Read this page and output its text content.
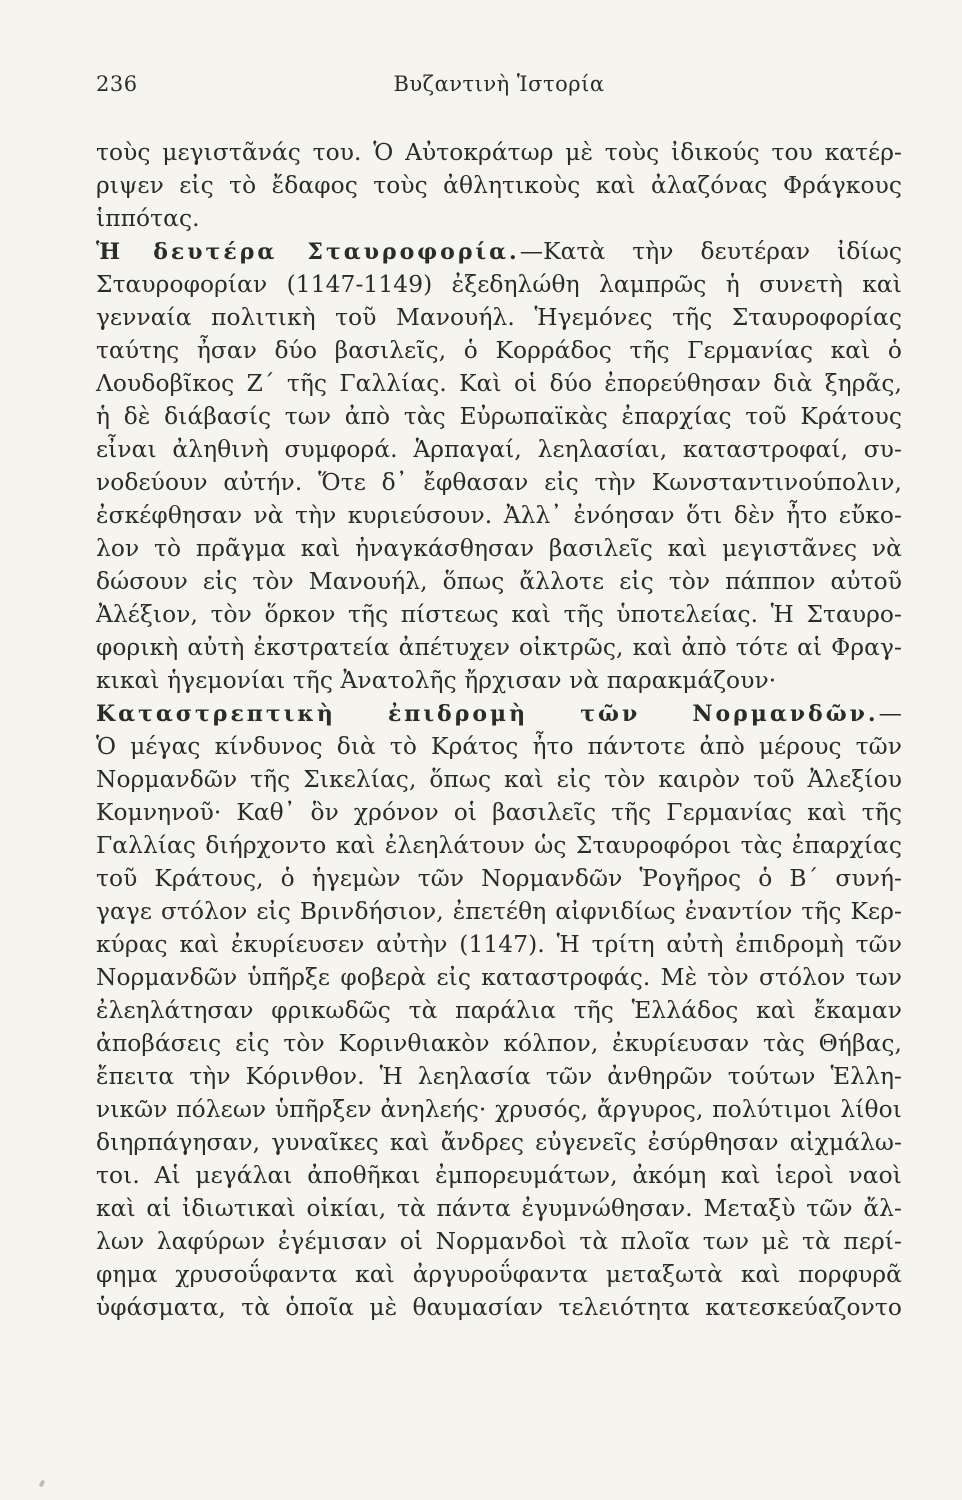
236	Βυζαντινὴ Ἱστορία
τοὺς μεγιστᾶνάς του. Ὁ Αὐτοκράτωρ μὲ τοὺς ἰδικούς του κατέρ-
ριψεν εἰς τὸ ἔδαφος τοὺς ἀθλητικοὺς καὶ ἀλαζόνας Φράγκους
ἱππότας.
Ἡ δευτέρα Σταυροφορία.—Κατὰ τὴν δευτέραν ἰδίως
Σταυροφορίαν (1147-1149) ἐξεδηλώθη λαμπρῶς ἡ συνετὴ καὶ
γενναία πολιτικὴ τοῦ Μανουήλ. Ἡγεμόνες τῆς Σταυροφορίας
ταύτης ἦσαν δύο βασιλεῖς, ὁ Κορράδος τῆς Γερμανίας καὶ ὁ
Λουδοβῖκος Ζ΄ τῆς Γαλλίας. Καὶ οἱ δύο ἐπορεύθησαν διὰ ξηρᾶς,
ἡ δὲ διάβασίς των ἀπὸ τὰς Εὐρωπαϊκὰς ἐπαρχίας τοῦ Κράτους
εἶναι ἀληθινὴ συμφορά. Ἁρπαγαί, λεηλασίαι, καταστροφαί, συ-
νοδεύουν αὐτήν. Ὅτε δ᾽ ἔφθασαν εἰς τὴν Κωνσταντινούπολιν,
ἐσκέφθησαν νὰ τὴν κυριεύσουν. Ἀλλ᾽ ἐνόησαν ὅτι δὲν ἦτο εὔκο-
λον τὸ πρᾶγμα καὶ ἠναγκάσθησαν βασιλεῖς καὶ μεγιστᾶνες νὰ
δώσουν εἰς τὸν Μανουήλ, ὅπως ἄλλοτε εἰς τὸν πάππον αὐτοῦ
Ἀλέξιον, τὸν ὅρκον τῆς πίστεως καὶ τῆς ὑποτελείας. Ἡ Σταυρο-
φορικὴ αὐτὴ ἐκστρατεία ἀπέτυχεν οἰκτρῶς, καὶ ἀπὸ τότε αἱ Φραγ-
κικαὶ ἡγεμονίαι τῆς Ἀνατολῆς ἤρχισαν νὰ παρακμάζουν·
Καταστρεπτικὴ ἐπιδρομὴ τῶν Νορμανδῶν.—
Ὁ μέγας κίνδυνος διὰ τὸ Κράτος ἦτο πάντοτε ἀπὸ μέρους τῶν
Νορμανδῶν τῆς Σικελίας, ὅπως καὶ εἰς τὸν καιρὸν τοῦ Ἀλεξίου
Κομνηνοῦ· Καθ᾽ ὃν χρόνον οἱ βασιλεῖς τῆς Γερμανίας καὶ τῆς
Γαλλίας διήρχοντο καὶ ἐλεηλάτουν ὡς Σταυροφόροι τὰς ἐπαρχίας
τοῦ Κράτους, ὁ ἡγεμὼν τῶν Νορμανδῶν Ῥογῆρος ὁ Β΄ συνή-
γαγε στόλον εἰς Βρινδήσιον, ἐπετέθη αἰφνιδίως ἐναντίον τῆς Κερ-
κύρας καὶ ἐκυρίευσεν αὐτὴν (1147). Ἡ τρίτη αὐτὴ ἐπιδρομὴ τῶν
Νορμανδῶν ὑπῆρξε φοβερὰ εἰς καταστροφάς. Μὲ τὸν στόλον των
ἐλεηλάτησαν φρικωδῶς τὰ παράλια τῆς Ἑλλάδος καὶ ἔκαμαν
ἀποβάσεις εἰς τὸν Κορινθιακὸν κόλπον, ἐκυρίευσαν τὰς Θήβας,
ἔπειτα τὴν Κόρινθον. Ἡ λεηλασία τῶν ἀνθηρῶν τούτων Ἑλλη-
νικῶν πόλεων ὑπῆρξεν ἀνηλεής· χρυσός, ἄργυρος, πολύτιμοι λίθοι
διηρπάγησαν, γυναῖκες καὶ ἄνδρες εὐγενεῖς ἐσύρθησαν αἰχμάλω-
τοι. Αἱ μεγάλαι ἀποθῆκαι ἐμπορευμάτων, ἀκόμη καὶ ἱεροὶ ναοὶ
καὶ αἱ ἰδιωτικαὶ οἰκίαι, τὰ πάντα ἐγυμνώθησαν. Μεταξὺ τῶν ἄλ-
λων λαφύρων ἐγέμισαν οἱ Νορμανδοὶ τὰ πλοῖα των μὲ τὰ περί-
φημα χρυσοΰφαντα καὶ ἀργυροΰφαντα μεταξωτὰ καὶ πορφυρᾶ
ὑφάσματα, τὰ ὁποῖα μὲ θαυμασίαν τελειότητα κατεσκεύαζοντο
